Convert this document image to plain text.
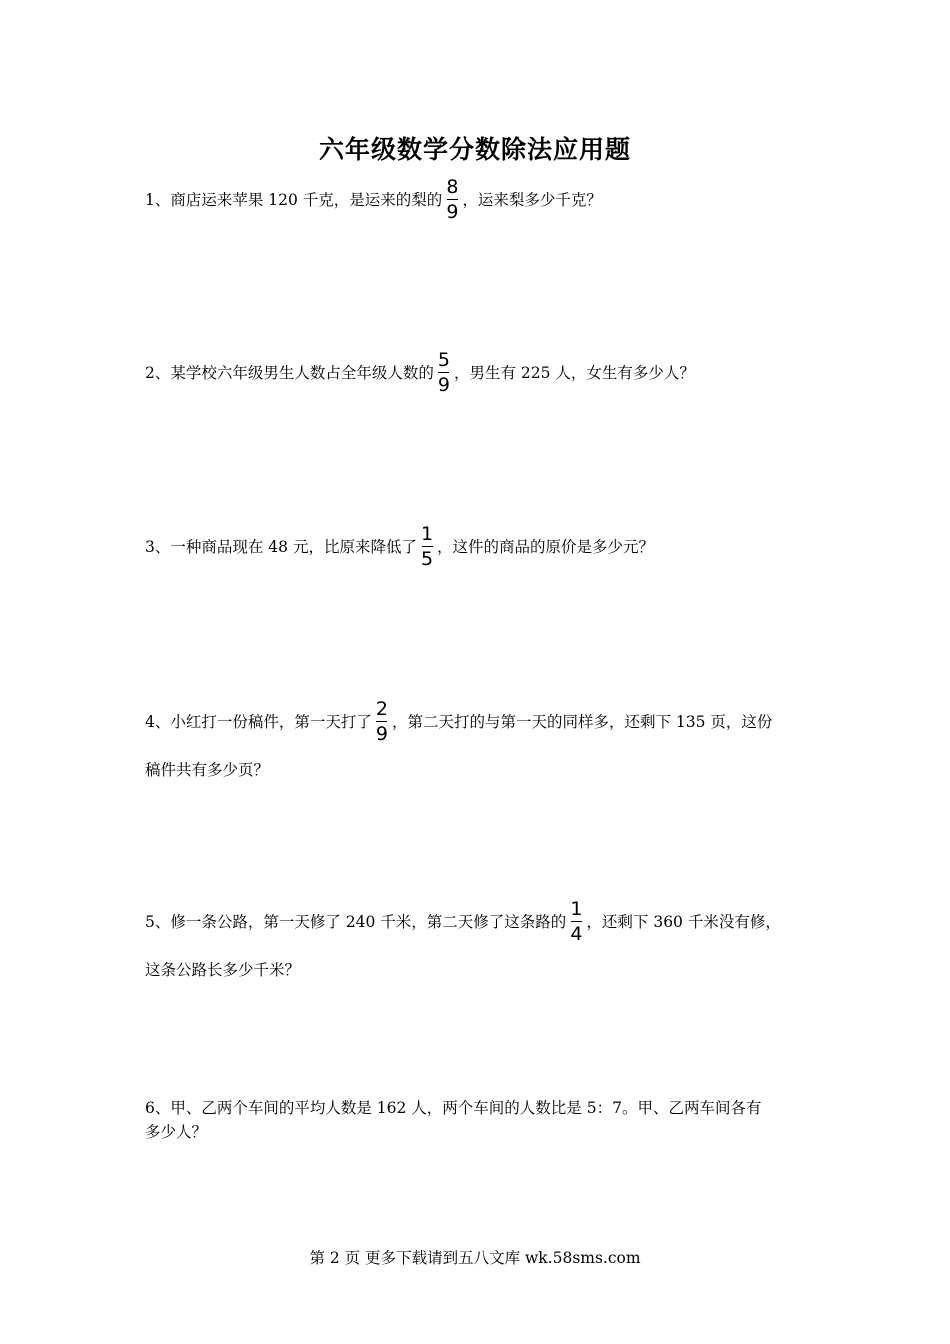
六年级数学分数除法应用题
1、商店运来苹果 120 千克，是运来的梨的 $\frac{8}{9}$ ，运来梨多少千克？
2、某学校六年级男生人数占全年级人数的 $\frac{5}{9}$ ，男生有 225 人，女生有多少人？
3、一种商品现在 48 元，比原来降低了 $\frac{1}{5}$ ，这件的商品的原价是多少元？
4、小红打一份稿件，第一天打了 $\frac{2}{9}$ ，第二天打的与第一天的同样多，还剩下 135 页，这份
稿件共有多少页？
5、修一条公路，第一天修了 240 千米，第二天修了这条路的 $\frac{1}{4}$ ，还剩下 360 千米没有修，
这条公路长多少千米？
6、甲、乙两个车间的平均人数是 162 人，两个车间的人数比是 5：7。甲、乙两车间各有
多少人？
第 2 页 更多下载请到五八文库 wk.58sms.com
